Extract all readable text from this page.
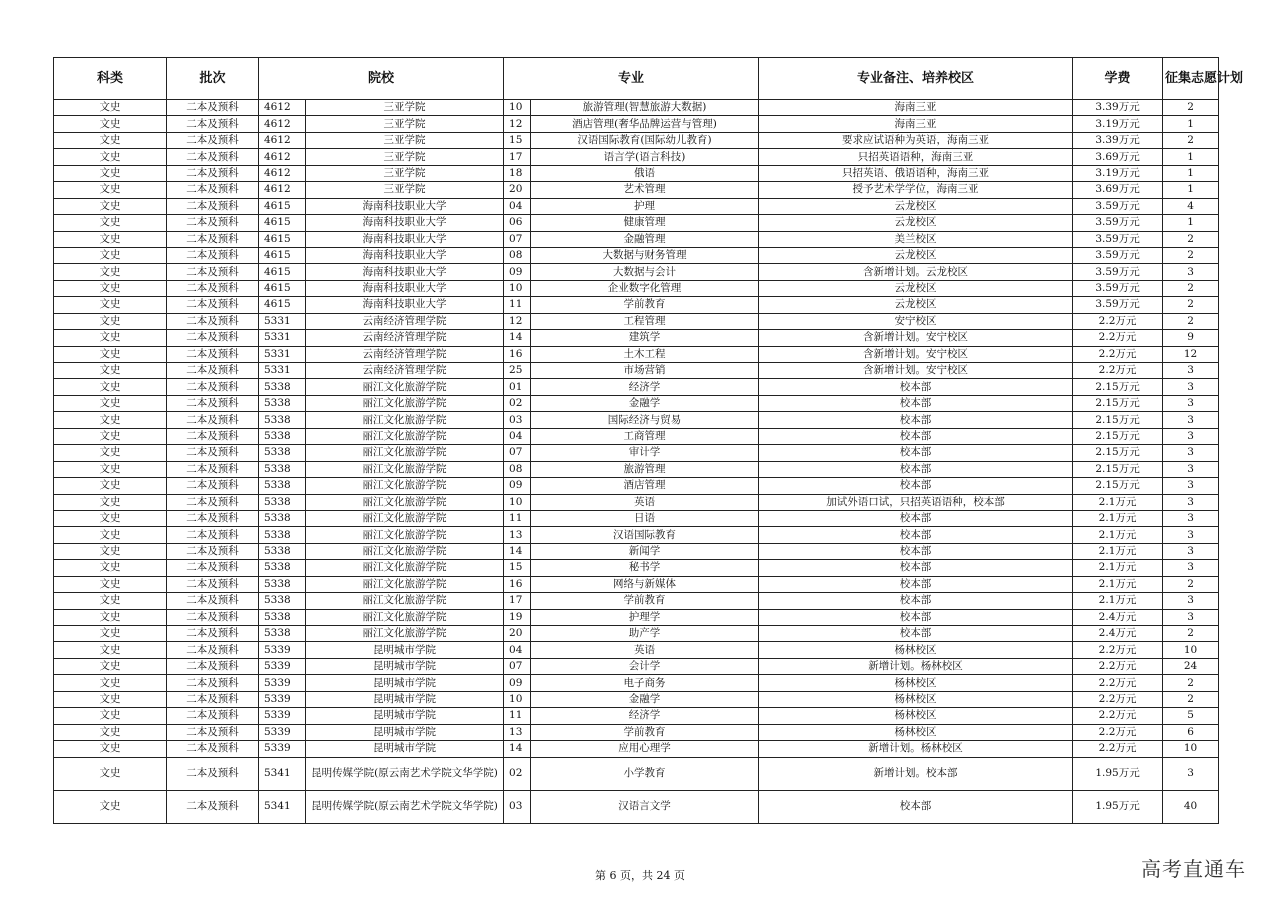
科类	批次	院校		专业		专业备注、培养校区	学费	征集志愿计划
文史	二本及预科	4612	三亚学院	10	旅游管理(智慧旅游大数据)	海南三亚	3.39万元	2
文史	二本及预科	4612	三亚学院	12	酒店管理(奢华品牌运营与管理)	海南三亚	3.19万元	1
文史	二本及预科	4612	三亚学院	15	汉语国际教育(国际幼儿教育)	要求应试语种为英语，海南三亚	3.39万元	2
文史	二本及预科	4612	三亚学院	17	语言学(语言科技)	只招英语语种，海南三亚	3.69万元	1
文史	二本及预科	4612	三亚学院	18	俄语	只招英语、俄语语种，海南三亚	3.19万元	1
文史	二本及预科	4612	三亚学院	20	艺术管理	授予艺术学学位，海南三亚	3.69万元	1
文史	二本及预科	4615	海南科技职业大学	04	护理	云龙校区	3.59万元	4
文史	二本及预科	4615	海南科技职业大学	06	健康管理	云龙校区	3.59万元	1
文史	二本及预科	4615	海南科技职业大学	07	金融管理	美兰校区	3.59万元	2
文史	二本及预科	4615	海南科技职业大学	08	大数据与财务管理	云龙校区	3.59万元	2
文史	二本及预科	4615	海南科技职业大学	09	大数据与会计	含新增计划。云龙校区	3.59万元	3
文史	二本及预科	4615	海南科技职业大学	10	企业数字化管理	云龙校区	3.59万元	2
文史	二本及预科	4615	海南科技职业大学	11	学前教育	云龙校区	3.59万元	2
文史	二本及预科	5331	云南经济管理学院	12	工程管理	安宁校区	2.2万元	2
文史	二本及预科	5331	云南经济管理学院	14	建筑学	含新增计划。安宁校区	2.2万元	9
文史	二本及预科	5331	云南经济管理学院	16	土木工程	含新增计划。安宁校区	2.2万元	12
文史	二本及预科	5331	云南经济管理学院	25	市场营销	含新增计划。安宁校区	2.2万元	3
文史	二本及预科	5338	丽江文化旅游学院	01	经济学	校本部	2.15万元	3
文史	二本及预科	5338	丽江文化旅游学院	02	金融学	校本部	2.15万元	3
文史	二本及预科	5338	丽江文化旅游学院	03	国际经济与贸易	校本部	2.15万元	3
文史	二本及预科	5338	丽江文化旅游学院	04	工商管理	校本部	2.15万元	3
文史	二本及预科	5338	丽江文化旅游学院	07	审计学	校本部	2.15万元	3
文史	二本及预科	5338	丽江文化旅游学院	08	旅游管理	校本部	2.15万元	3
文史	二本及预科	5338	丽江文化旅游学院	09	酒店管理	校本部	2.15万元	3
文史	二本及预科	5338	丽江文化旅游学院	10	英语	加试外语口试，只招英语语种，校本部	2.1万元	3
文史	二本及预科	5338	丽江文化旅游学院	11	日语	校本部	2.1万元	3
文史	二本及预科	5338	丽江文化旅游学院	13	汉语国际教育	校本部	2.1万元	3
文史	二本及预科	5338	丽江文化旅游学院	14	新闻学	校本部	2.1万元	3
文史	二本及预科	5338	丽江文化旅游学院	15	秘书学	校本部	2.1万元	3
文史	二本及预科	5338	丽江文化旅游学院	16	网络与新媒体	校本部	2.1万元	2
文史	二本及预科	5338	丽江文化旅游学院	17	学前教育	校本部	2.1万元	3
文史	二本及预科	5338	丽江文化旅游学院	19	护理学	校本部	2.4万元	3
文史	二本及预科	5338	丽江文化旅游学院	20	助产学	校本部	2.4万元	2
文史	二本及预科	5339	昆明城市学院	04	英语	杨林校区	2.2万元	10
文史	二本及预科	5339	昆明城市学院	07	会计学	新增计划。杨林校区	2.2万元	24
文史	二本及预科	5339	昆明城市学院	09	电子商务	杨林校区	2.2万元	2
文史	二本及预科	5339	昆明城市学院	10	金融学	杨林校区	2.2万元	2
文史	二本及预科	5339	昆明城市学院	11	经济学	杨林校区	2.2万元	5
文史	二本及预科	5339	昆明城市学院	13	学前教育	杨林校区	2.2万元	6
文史	二本及预科	5339	昆明城市学院	14	应用心理学	新增计划。杨林校区	2.2万元	10
文史	二本及预科	5341	昆明传媒学院(原云南艺术学院文华学院)	02	小学教育	新增计划。校本部	1.95万元	3
文史	二本及预科	5341	昆明传媒学院(原云南艺术学院文华学院)	03	汉语言文学	校本部	1.95万元	40
第 6 页，共 24 页	高考直通车
